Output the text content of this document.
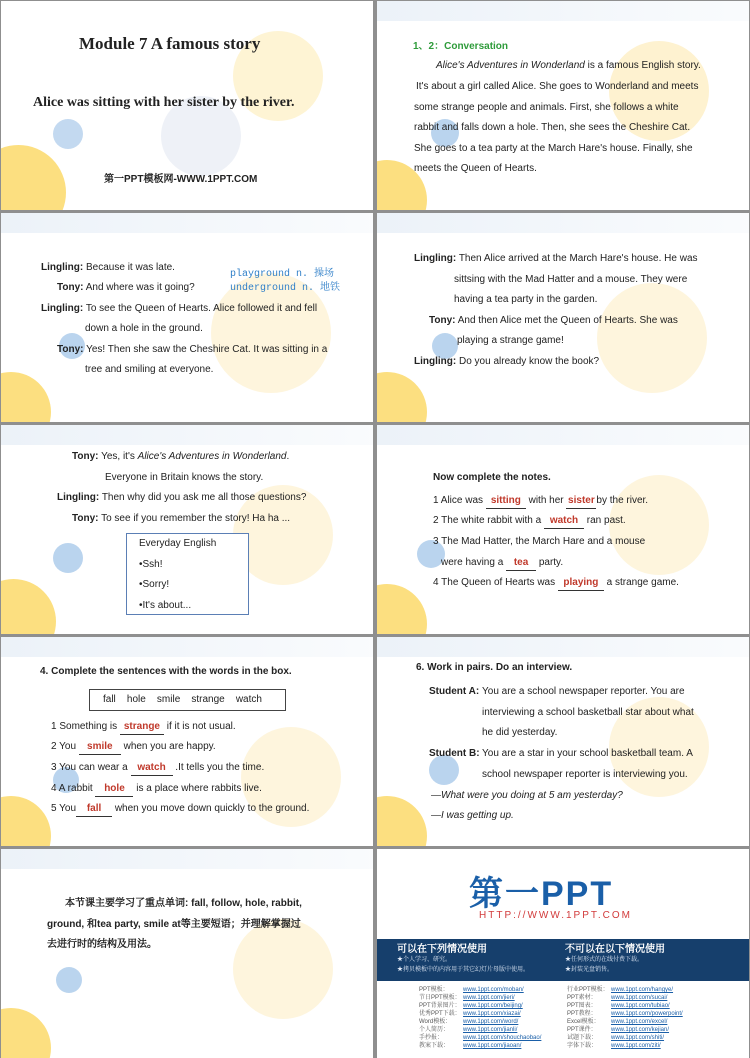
Module 7 A famous story
Alice was sitting with her sister by the river.
第一PPT模板网-WWW.1PPT.COM
1、2：Conversation
Alice's Adventures in Wonderland is a famous English story.
It's about a girl called Alice. She goes to Wonderland and meets
some strange people and animals. First, she follows a white
rabbit and falls down a hole. Then, she sees the Cheshire Cat.
She goes to a tea party at the March Hare's house. Finally, she
meets the Queen of Hearts.
Lingling: Because it was late.
Tony: And where was it going?
Lingling: To see the Queen of Hearts. Alice followed it and fell
down a hole in the ground.
Tony: Yes! Then she saw the Cheshire Cat. It was sitting in a
tree and smiling at everyone.
playground n. 操场
underground n. 地铁
Lingling: Then Alice arrived at the March Hare's house. He was
sittsing with the Mad Hatter and a mouse. They were
having a tea party in the garden.
Tony: And then Alice met the Queen of Hearts. She was
playing a strange game!
Lingling: Do you already know the book?
Tony: Yes, it's Alice's Adventures in Wonderland.
Everyone in Britain knows the story.
Lingling: Then why did you ask me all those questions?
Tony: To see if you remember the story! Ha ha ...
Everyday English
•Ssh!
•Sorry!
•It's about...
Now complete the notes.
1 Alice was sitting with her sister by the river.
2 The white rabbit with a watch ran past.
3 The Mad Hatter, the March Hare and a mouse
were having a tea party.
4 The Queen of Hearts was playing a strange game.
4. Complete the sentences with the words in the box.
fall    hole    smile    strange    watch
1 Something is strange if it is not usual.
2 You smile when you are happy.
3 You can wear a watch .It tells you the time.
4 A rabbit hole is a place where rabbits live.
5 You fall when you move down quickly to the ground.
6. Work in pairs. Do an interview.
Student A: You are a school newspaper reporter. You are
interviewing a school basketball star about what
he did yesterday.
Student B: You are a star in your school basketball team. A
school newspaper reporter is interviewing you.
—What were you doing at 5 am yesterday?
—I was getting up.
本节课主要学习了重点单词: fall, follow, hole, rabbit,
ground, 和tea party, smile at等主要短语；并理解掌握过
去进行时的结构及用法。
第一PPT
HTTP://WWW.1PPT.COM
可以在下列情况使用
★个人学习、研究。
★拷贝模板中的内容用于其它幻灯片母版中使用。
不可以在以下情况使用
★任何形式的在线付费下载。
★封装光盘销售。
PPT模板： www.1ppt.com/moban/
节日PPT模板： www.1ppt.com/jieri/
PPT背景图片： www.1ppt.com/beijing/
优秀PPT下载： www.1ppt.com/xiazai/
Word模板： www.1ppt.com/word/
个人简历： www.1ppt.com/jianli/
手抄报：	www.1ppt.com/shouchaobao/
教案下载： www.1ppt.com/jiaoan/
行业PPT模板： www.1ppt.com/hangye/
PPT素材： www.1ppt.com/sucai/
PPT图表： www.1ppt.com/tubiao/
PPT教程： www.1ppt.com/powerpoint/
Excel模板： www.1ppt.com/excel/
PPT课件： www.1ppt.com/kejian/
试题下载： www.1ppt.com/shiti/
字体下载： www.1ppt.com/ziti/
